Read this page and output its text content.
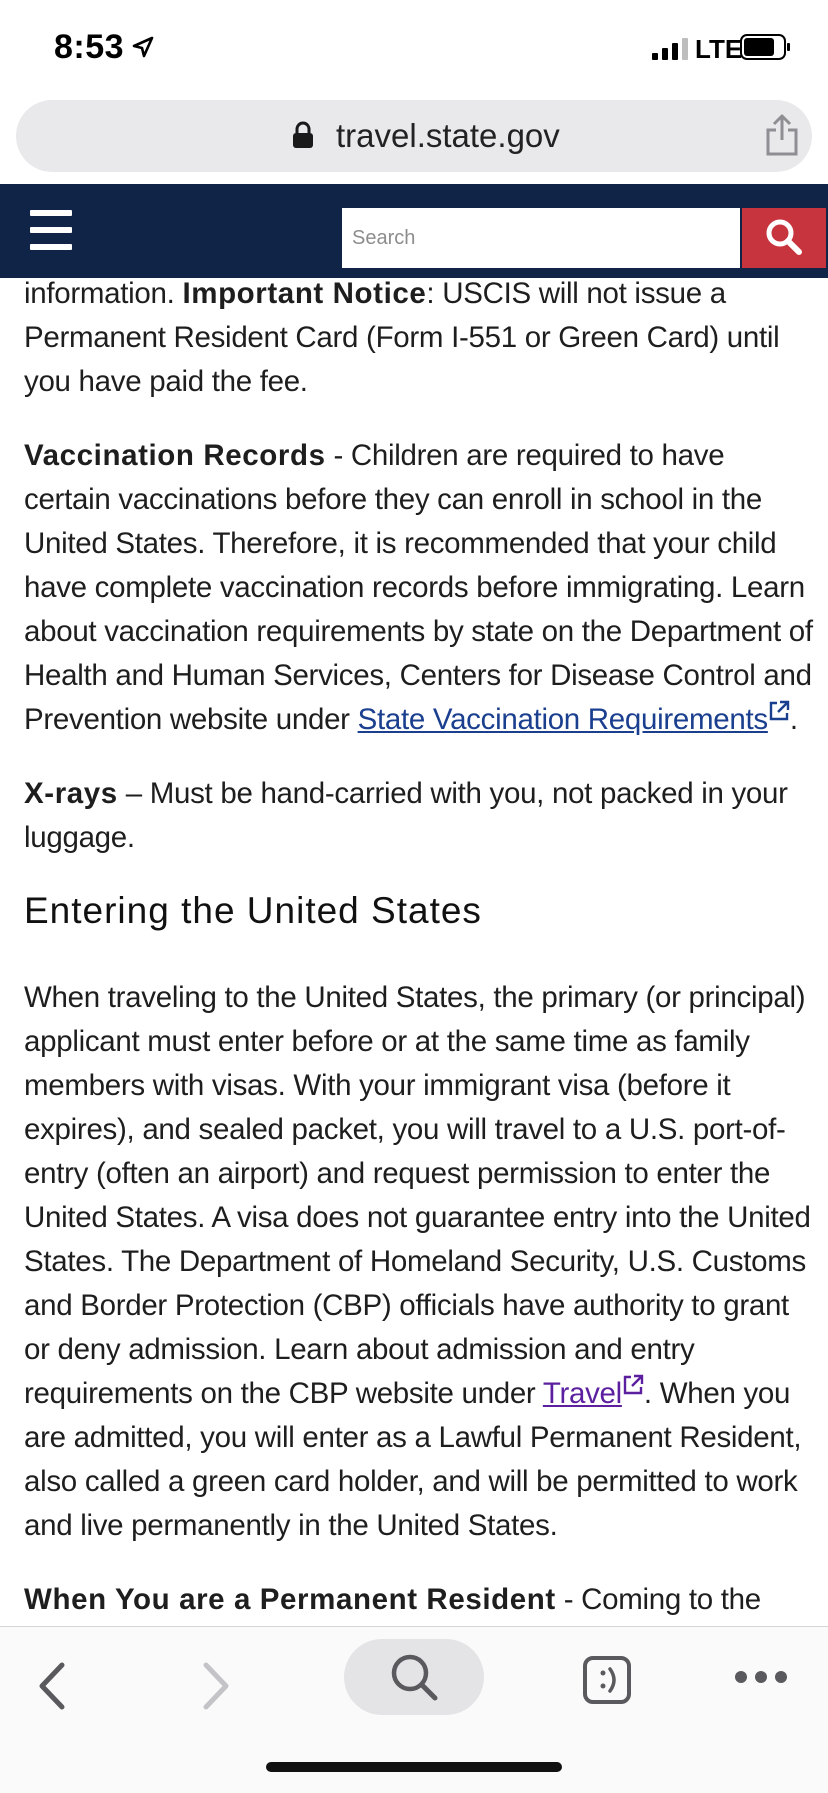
8:53	LTE
travel.state.gov
Search

information. Important Notice: USCIS will not issue a Permanent Resident Card (Form I-551 or Green Card) until you have paid the fee.

Vaccination Records - Children are required to have certain vaccinations before they can enroll in school in the United States. Therefore, it is recommended that your child have complete vaccination records before immigrating. Learn about vaccination requirements by state on the Department of Health and Human Services, Centers for Disease Control and Prevention website under State Vaccination Requirements .

X-rays – Must be hand-carried with you, not packed in your luggage.

Entering the United States

When traveling to the United States, the primary (or principal) applicant must enter before or at the same time as family members with visas. With your immigrant visa (before it expires), and sealed packet, you will travel to a U.S. port-of-entry (often an airport) and request permission to enter the United States. A visa does not guarantee entry into the United States. The Department of Homeland Security, U.S. Customs and Border Protection (CBP) officials have authority to grant or deny admission. Learn about admission and entry requirements on the CBP website under Travel . When you are admitted, you will enter as a Lawful Permanent Resident, also called a green card holder, and will be permitted to work and live permanently in the United States.

When You are a Permanent Resident - Coming to the
